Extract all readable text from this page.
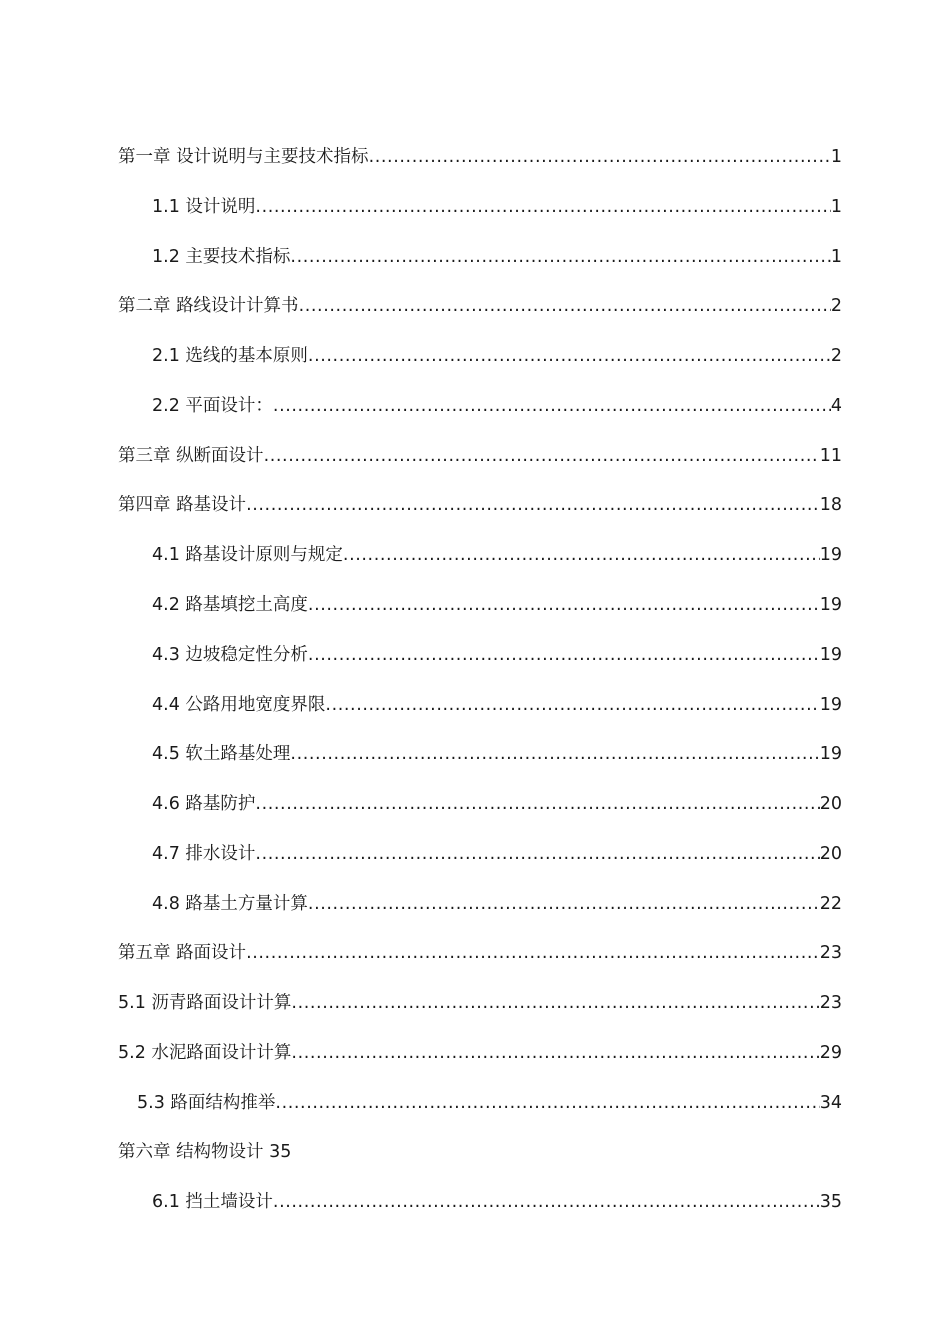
第一章 设计说明与主要技术指标 .....	1
1.1 设计说明 .....	1
1.2 主要技术指标 .....	1
第二章 路线设计计算书 .....	2
2.1 选线的基本原则 .....	2
2.2 平面设计： .....	4
第三章 纵断面设计 .....	11
第四章 路基设计 .....	18
4.1 路基设计原则与规定 .....	19
4.2 路基填挖土高度 .....	19
4.3 边坡稳定性分析 .....	19
4.4 公路用地宽度界限 .....	19
4.5 软土路基处理 .....	19
4.6 路基防护 .....	20
4.7 排水设计 .....	20
4.8 路基土方量计算 .....	22
第五章 路面设计 .....	23
5.1 沥青路面设计计算 .....	23
5.2 水泥路面设计计算 .....	29
5.3 路面结构推举 .....	34
第六章 结构物设计 35
6.1 挡土墙设计 .....	35
